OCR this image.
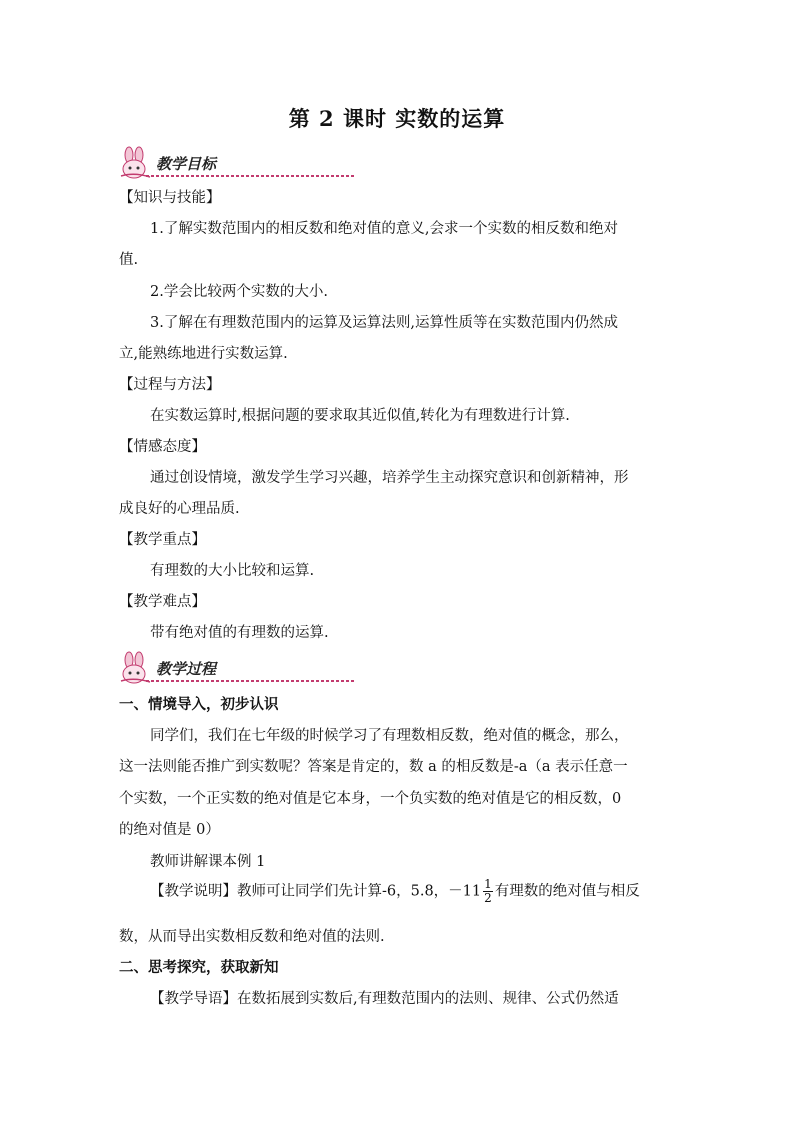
第 2 课时 实数的运算
教学目标
【知识与技能】
1.了解实数范围内的相反数和绝对值的意义,会求一个实数的相反数和绝对
值.
2.学会比较两个实数的大小.
3.了解在有理数范围内的运算及运算法则,运算性质等在实数范围内仍然成
立,能熟练地进行实数运算.
【过程与方法】
在实数运算时,根据问题的要求取其近似值,转化为有理数进行计算.
【情感态度】
通过创设情境，激发学生学习兴趣，培养学生主动探究意识和创新精神，形
成良好的心理品质.
【教学重点】
有理数的大小比较和运算.
【教学难点】
带有绝对值的有理数的运算.
教学过程
一、情境导入，初步认识
同学们，我们在七年级的时候学习了有理数相反数，绝对值的概念，那么，
这一法则能否推广到实数呢？答案是肯定的，数 a 的相反数是-a（a 表示任意一
个实数，一个正实数的绝对值是它本身，一个负实数的绝对值是它的相反数，0
的绝对值是 0）
教师讲解课本例 1
【教学说明】教师可让同学们先计算-6，5.8，$-11 \frac{1}{2}$ 有理数的绝对值与相反
数，从而导出实数相反数和绝对值的法则.
二、思考探究，获取新知
【教学导语】在数拓展到实数后,有理数范围内的法则、规律、公式仍然适
